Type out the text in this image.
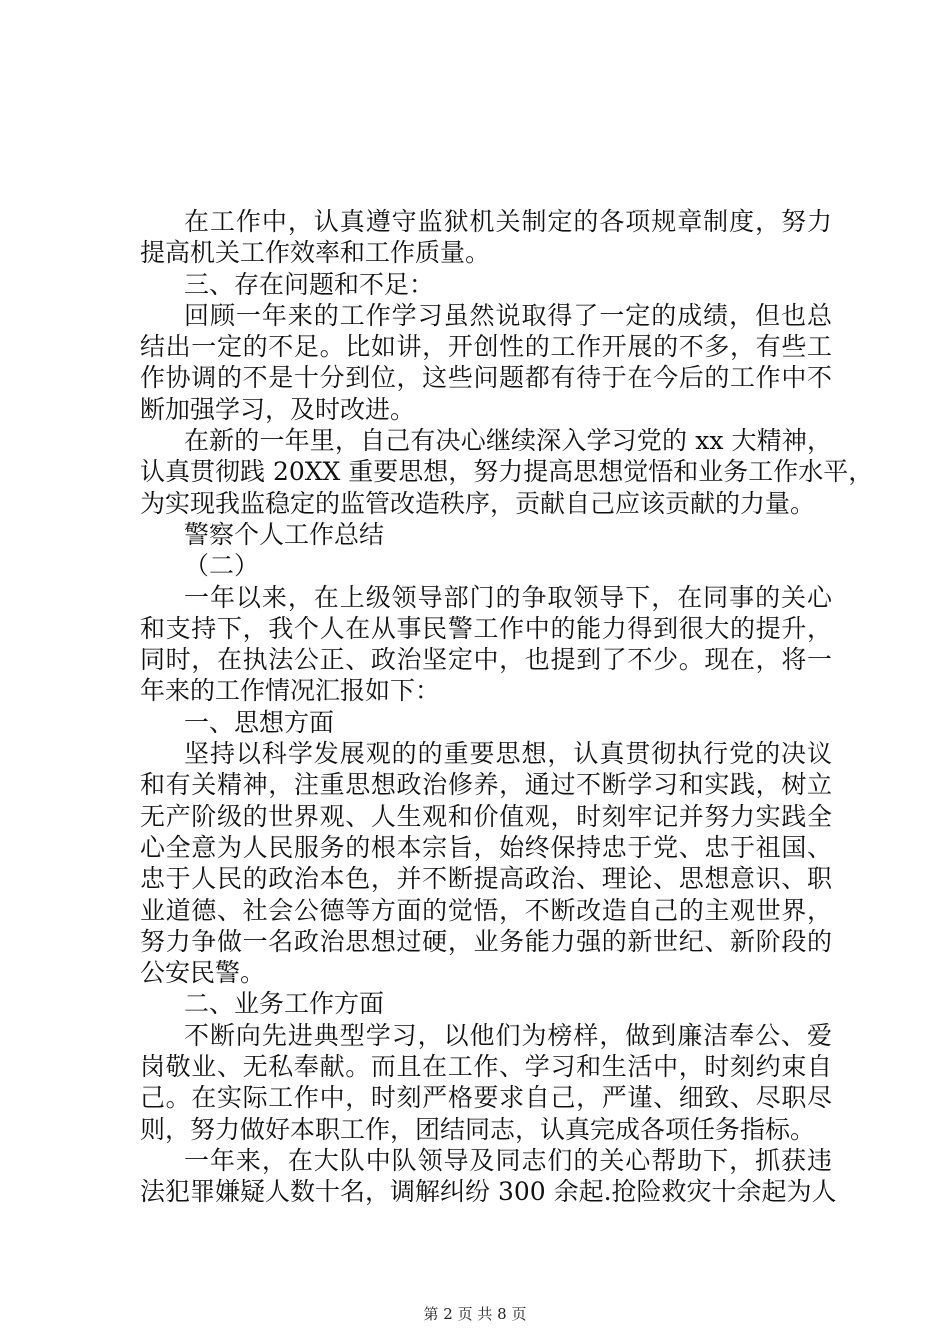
在工作中，认真遵守监狱机关制定的各项规章制度，努力
提高机关工作效率和工作质量。
三、存在问题和不足：
回顾一年来的工作学习虽然说取得了一定的成绩，但也总
结出一定的不足。比如讲，开创性的工作开展的不多，有些工
作协调的不是十分到位，这些问题都有待于在今后的工作中不
断加强学习，及时改进。
在新的一年里，自己有决心继续深入学习党的 xx 大精神，
认真贯彻践 20XX 重要思想，努力提高思想觉悟和业务工作水平，
为实现我监稳定的监管改造秩序，贡献自己应该贡献的力量。
警察个人工作总结
（二）
一年以来，在上级领导部门的争取领导下，在同事的关心
和支持下，我个人在从事民警工作中的能力得到很大的提升，
同时，在执法公正、政治坚定中，也提到了不少。现在，将一
年来的工作情况汇报如下：
一、思想方面
坚持以科学发展观的的重要思想，认真贯彻执行党的决议
和有关精神，注重思想政治修养，通过不断学习和实践，树立
无产阶级的世界观、人生观和价值观，时刻牢记并努力实践全
心全意为人民服务的根本宗旨，始终保持忠于党、忠于祖国、
忠于人民的政治本色，并不断提高政治、理论、思想意识、职
业道德、社会公德等方面的觉悟，不断改造自己的主观世界，
努力争做一名政治思想过硬，业务能力强的新世纪、新阶段的
公安民警。
二、业务工作方面
不断向先进典型学习，以他们为榜样，做到廉洁奉公、爱
岗敬业、无私奉献。而且在工作、学习和生活中，时刻约束自
己。在实际工作中，时刻严格要求自己，严谨、细致、尽职尽
则，努力做好本职工作，团结同志，认真完成各项任务指标。
一年来，在大队中队领导及同志们的关心帮助下，抓获违
法犯罪嫌疑人数十名，调解纠纷 300 余起.抢险救灾十余起为人
第 2 页 共 8 页
